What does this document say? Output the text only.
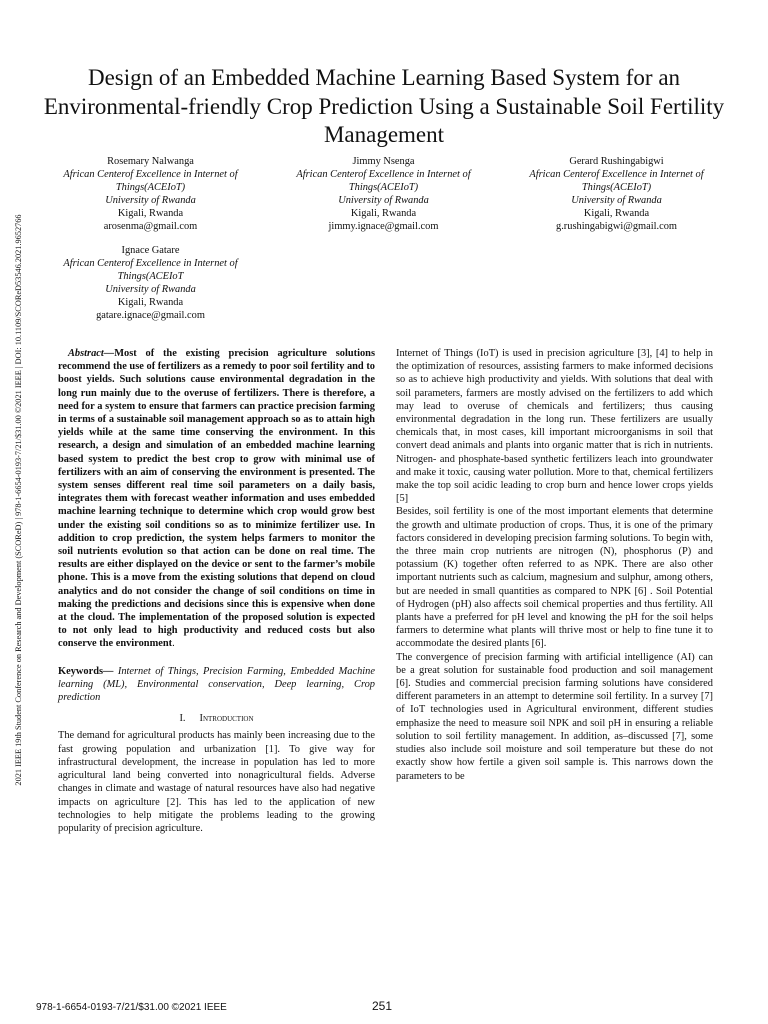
2021 IEEE 19th Student Conference on Research and Development (SCOReD) | 978-1-6654-0193-7/21/$31.00 ©2021 IEEE | DOI: 10.1109/SCOReD53546.2021.9652766
Design of an Embedded Machine Learning Based System for an Environmental-friendly Crop Prediction Using a Sustainable Soil Fertility Management
Rosemary Nalwanga
African Centerof Excellence in Internet of Things(ACEIoT)
University of Rwanda
Kigali, Rwanda
arosenma@gmail.com
Jimmy Nsenga
African Centerof Excellence in Internet of Things(ACEIoT)
University of Rwanda
Kigali, Rwanda
jimmy.ignace@gmail.com
Gerard Rushingabigwi
African Centerof Excellence in Internet of Things(ACEIoT)
University of Rwanda
Kigali, Rwanda
g.rushingabigwi@gmail.com
Ignace Gatare
African Centerof Excellence in Internet of Things(ACEIoT
University of Rwanda
Kigali, Rwanda
gatare.ignace@gmail.com

Abstract—Most of the existing precision agriculture solutions recommend the use of fertilizers as a remedy to poor soil fertility and to boost yields. Such solutions cause environmental degradation in the long run mainly due to the overuse of fertilizers. There is therefore, a need for a system to ensure that farmers can practice precision farming in terms of a sustainable soil management approach so as to attain high yields while at the same time conserving the environment. In this research, a design and simulation of an embedded machine learning based system to predict the best crop to grow with minimal use of fertilizers with an aim of conserving the environment is presented. The system senses different real time soil parameters on a daily basis, integrates them with forecast weather information and uses embedded machine learning technique to determine which crop would grow best under the existing soil conditions so as to minimize fertilizer use. In addition to crop prediction, the system helps farmers to monitor the soil nutrients evolution so that action can be done on real time. The results are either displayed on the device or sent to the farmer’s mobile phone. This is a move from the existing solutions that depend on cloud analytics and do not consider the change of soil conditions on time in making the predictions and decisions since this is expensive when done at the cloud. The implementation of the proposed solution is expected to not only lead to high productivity and reduced costs but also conserve the environment.

Keywords— Internet of Things, Precision Farming, Embedded Machine learning (ML), Environmental conservation, Deep learning, Crop prediction

I. Introduction

The demand for agricultural products has mainly been increasing due to the fast growing population and urbanization [1]. To give way for infrastructural development, the increase in population has led to more agricultural land being converted into nonagricultural fields. Adverse changes in climate and wastage of natural resources have also had negative impacts on agriculture [2]. This has led to the application of new technologies to help mitigate the problems leading to the growing popularity of precision agriculture.

Internet of Things (IoT) is used in precision agriculture [3], [4] to help in the optimization of resources, assisting farmers to make informed decisions so as to achieve high productivity and yields. With solutions that deal with soil parameters, farmers are mostly advised on the fertilizers to add which may lead to overuse of chemicals and fertilizers; thus causing environmental degradation in the long run. These fertilizers are usually chemicals that, in most cases, kill important microorganisms in soil that convert dead animals and plants into organic matter that is rich in nutrients. Nitrogen- and phosphate-based synthetic fertilizers leach into groundwater and make it toxic, causing water pollution. More to that, chemical fertilizers make the top soil acidic leading to crop burn and hence lower crops yields [5]

Besides, soil fertility is one of the most important elements that determine the growth and ultimate production of crops. Thus, it is one of the primary factors considered in developing precision farming solutions. To begin with, the three main crop nutrients are nitrogen (N), phosphorus (P) and potassium (K) together often referred to as NPK. There are also other important nutrients such as calcium, magnesium and sulphur, among others, but are needed in small quantities as compared to NPK [6] . Soil Potential of Hydrogen (pH) also affects soil chemical properties and thus fertility. All plants have a preferred for pH level and knowing the pH for the soil helps farmers to determine what plants will thrive most or help to fine tune it to accommodate the desired plants [6].

The convergence of precision farming with artificial intelligence (AI) can be a great solution for sustainable food production and soil management [6]. Studies and commercial precision farming solutions have considered different parameters in an attempt to determine soil fertility. In a survey [7] of IoT technologies used in Agricultural environment, different studies emphasize the need to measure soil NPK and soil pH in ensuring a reliable solution to soil fertility management. In addition, as–discussed [7], some studies also include soil moisture and soil temperature but these do not exactly show how fertile a given soil sample is. This narrows down the parameters to be

978-1-6654-0193-7/21/$31.00 ©2021 IEEE	251
